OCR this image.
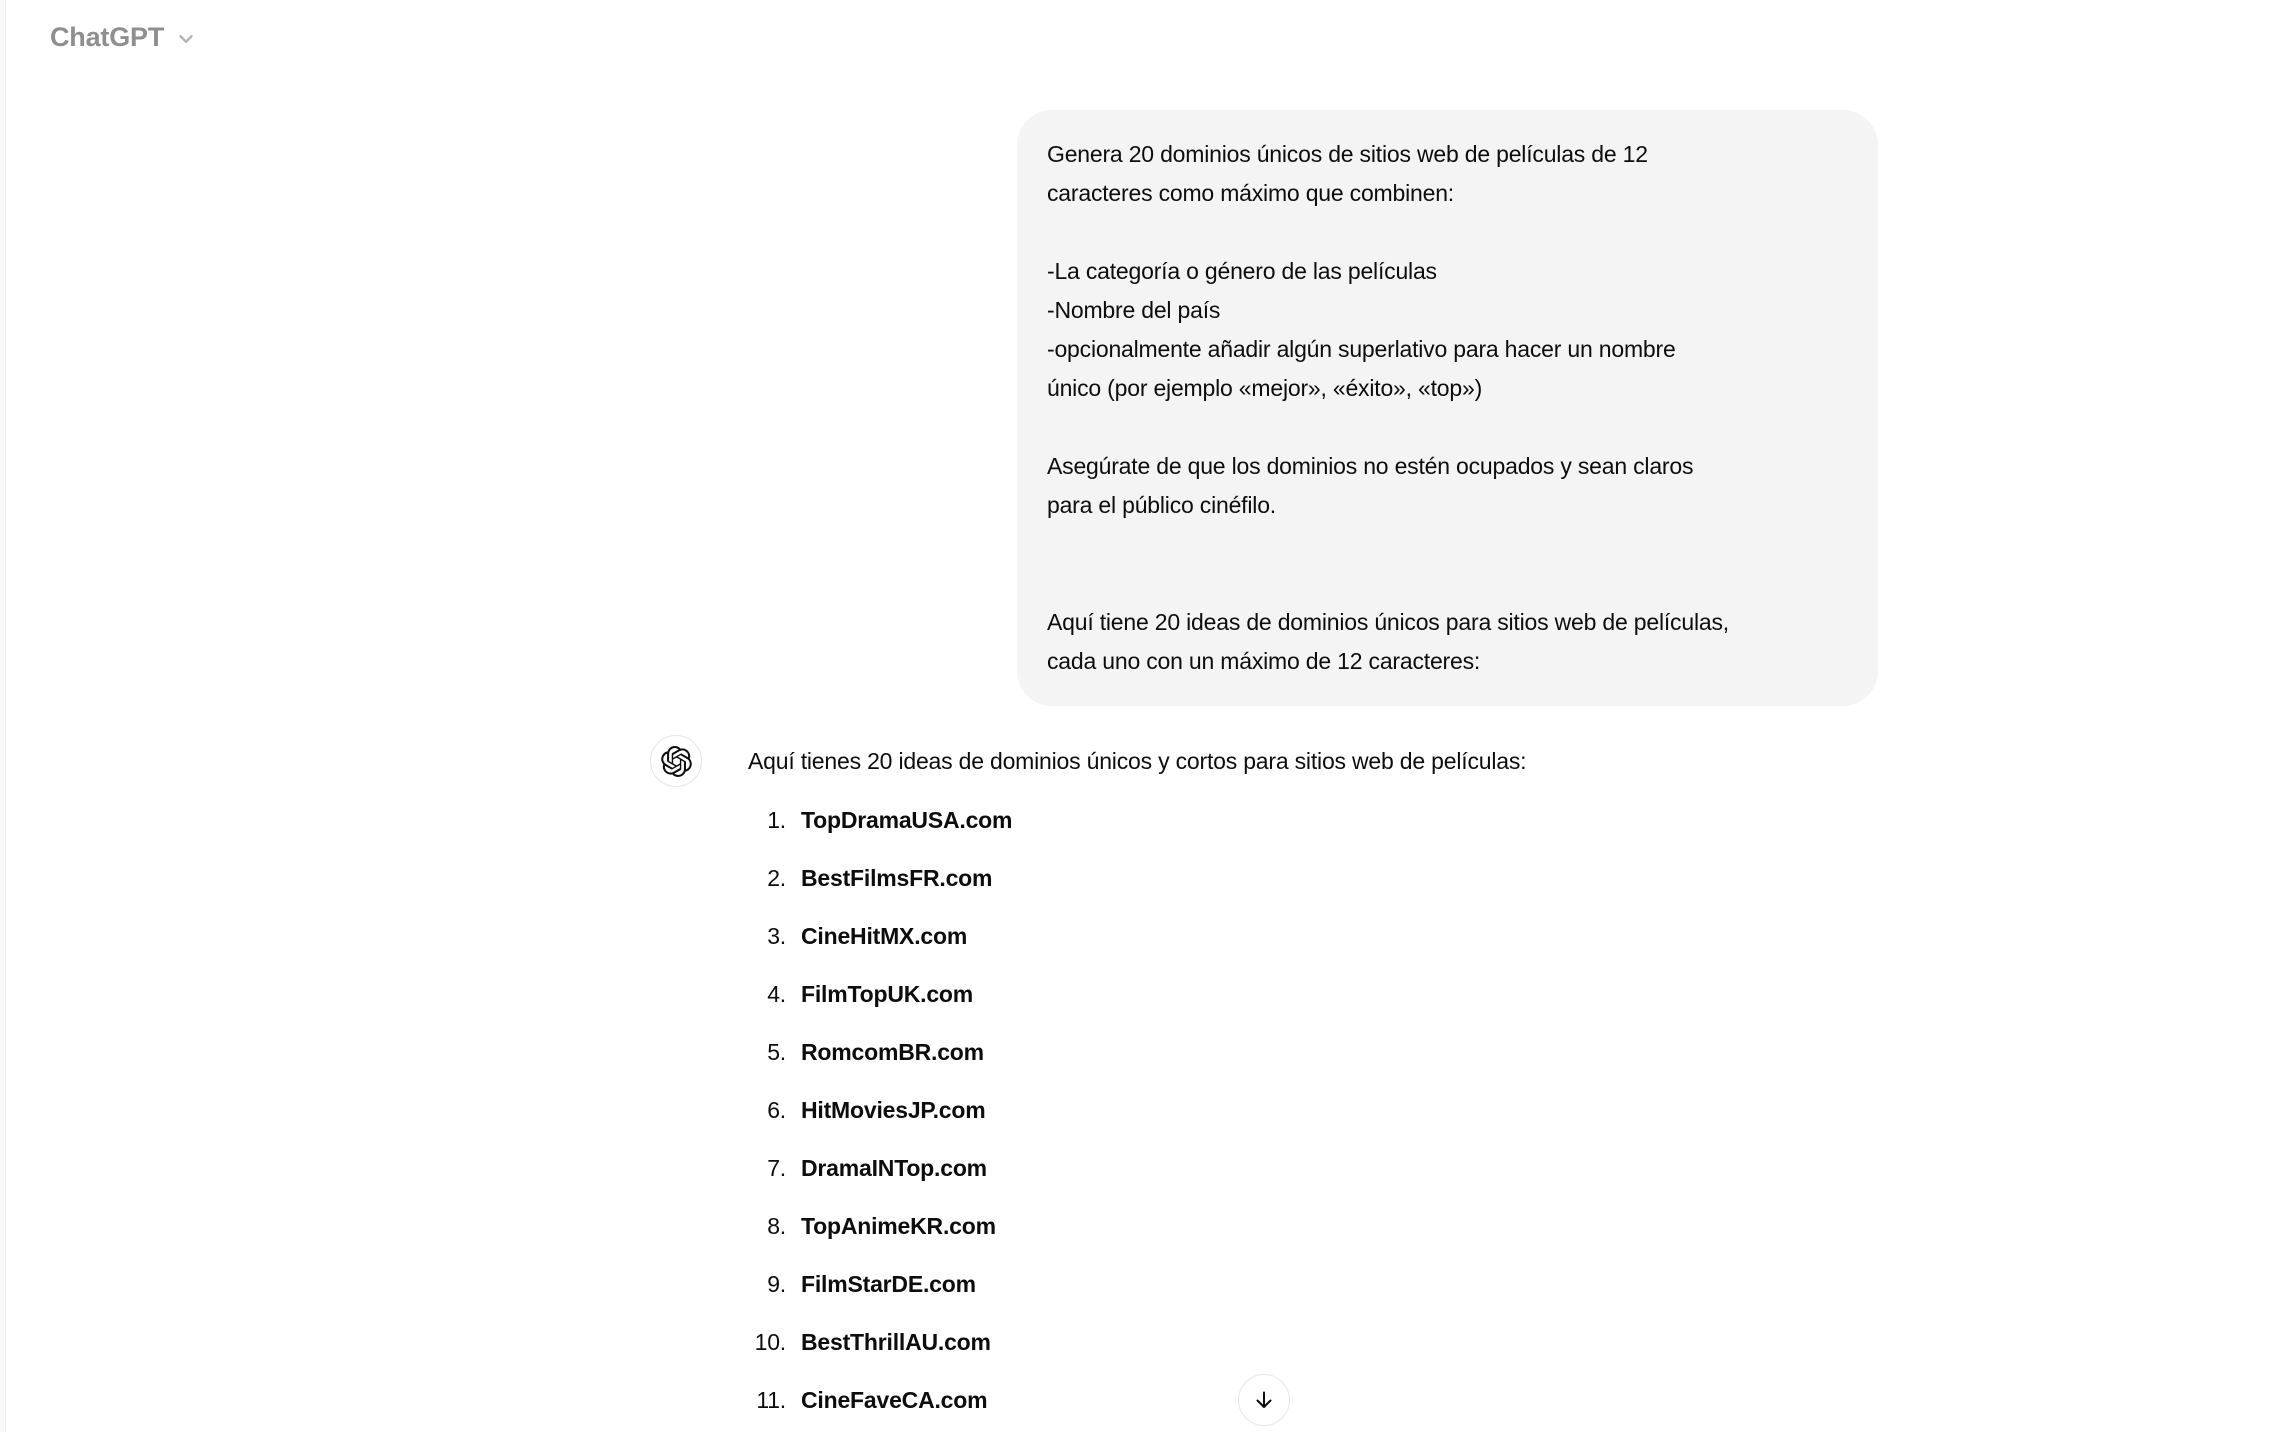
ChatGPT

Genera 20 dominios únicos de sitios web de películas de 12
caracteres como máximo que combinen:

-La categoría o género de las películas
-Nombre del país
-opcionalmente añadir algún superlativo para hacer un nombre
único (por ejemplo «mejor», «éxito», «top»)

Asegúrate de que los dominios no estén ocupados y sean claros
para el público cinéfilo.

Aquí tiene 20 ideas de dominios únicos para sitios web de películas,
cada uno con un máximo de 12 caracteres:

Aquí tienes 20 ideas de dominios únicos y cortos para sitios web de películas:

1. TopDramaUSA.com
2. BestFilmsFR.com
3. CineHitMX.com
4. FilmTopUK.com
5. RomcomBR.com
6. HitMoviesJP.com
7. DramaINTop.com
8. TopAnimeKR.com
9. FilmStarDE.com
10. BestThrillAU.com
11. CineFaveCA.com
